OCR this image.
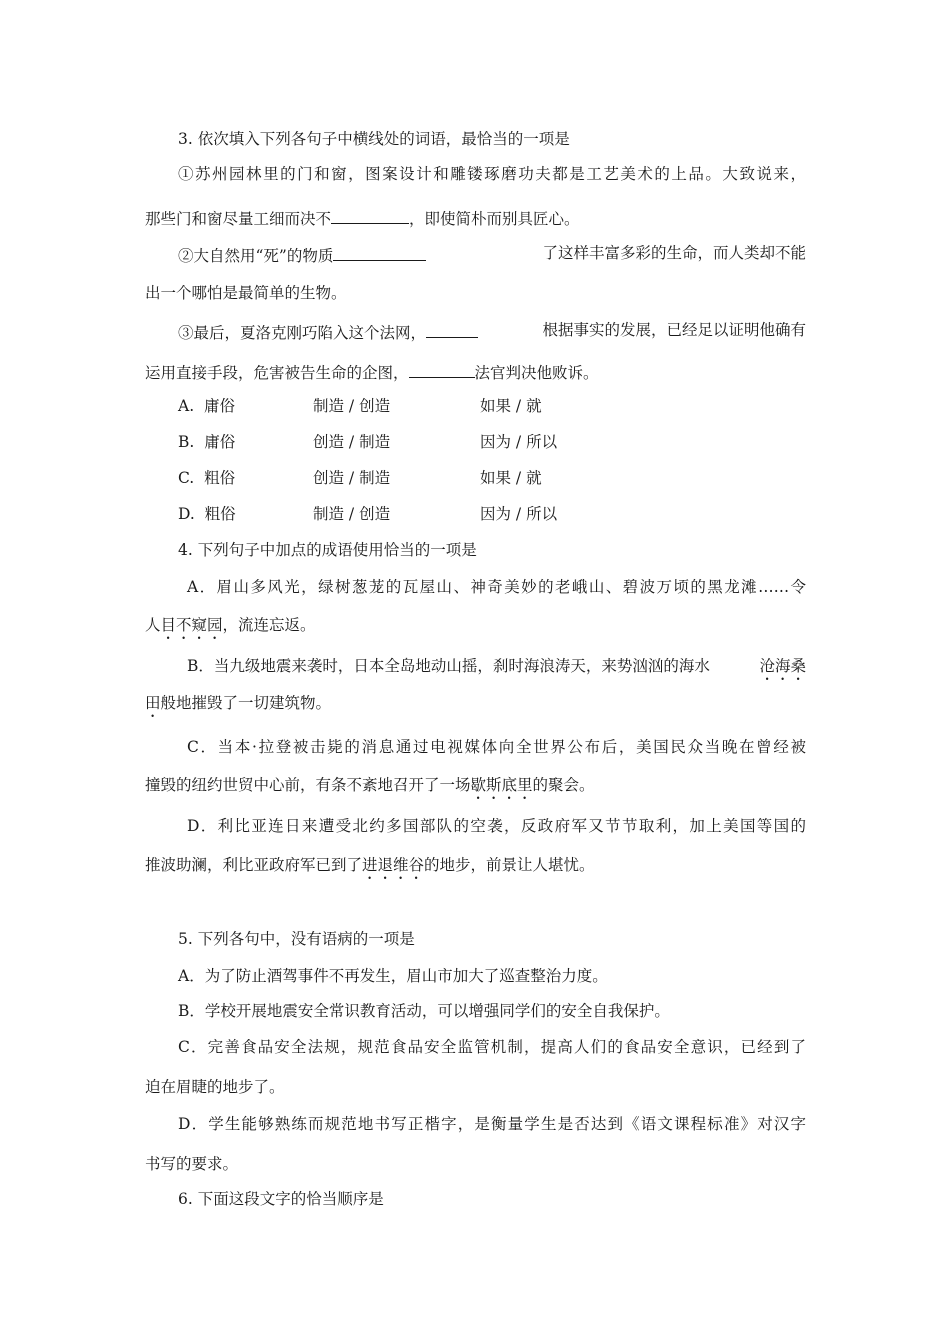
3. 依次填入下列各句子中横线处的词语，最恰当的一项是
①苏州园林里的门和窗，图案设计和雕镂琢磨功夫都是工艺美术的上品。大致说来，
那些门和窗尽量工细而决不	，即使简朴而别具匠心。
②大自然用“死”的物质	了这样丰富多彩的生命，而人类却不能
出一个哪怕是最简单的生物。
③最后，夏洛克刚巧陷入这个法网，	根据事实的发展，已经足以证明他确有
运用直接手段，危害被告生命的企图，	法官判决他败诉。
A. 庸俗	制造 / 创造	如果 / 就
B. 庸俗	创造 / 制造	因为 / 所以
C. 粗俗	创造 / 制造	如果 / 就
D. 粗俗	制造 / 创造	因为 / 所以
4. 下列句子中加点的成语使用恰当的一项是
A．眉山多风光，绿树葱茏的瓦屋山、神奇美妙的老峨山、碧波万顷的黑龙滩……令
人目不窥园，流连忘返。
B．当九级地震来袭时，日本全岛地动山摇，刹时海浪涛天，来势汹汹的海水	沧海桑
田般地摧毁了一切建筑物。
C．当本·拉登被击毙的消息通过电视媒体向全世界公布后，美国民众当晚在曾经被
撞毁的纽约世贸中心前，有条不紊地召开了一场歇斯底里的聚会。
D．利比亚连日来遭受北约多国部队的空袭，反政府军又节节取利，加上美国等国的
推波助澜，利比亚政府军已到了进退维谷的地步，前景让人堪忧。
5. 下列各句中，没有语病的一项是
A．为了防止酒驾事件不再发生，眉山市加大了巡查整治力度。
B．学校开展地震安全常识教育活动，可以增强同学们的安全自我保护。
C．完善食品安全法规，规范食品安全监管机制，提高人们的食品安全意识，已经到了
迫在眉睫的地步了。
D．学生能够熟练而规范地书写正楷字，是衡量学生是否达到《语文课程标准》对汉字
书写的要求。
6. 下面这段文字的恰当顺序是
